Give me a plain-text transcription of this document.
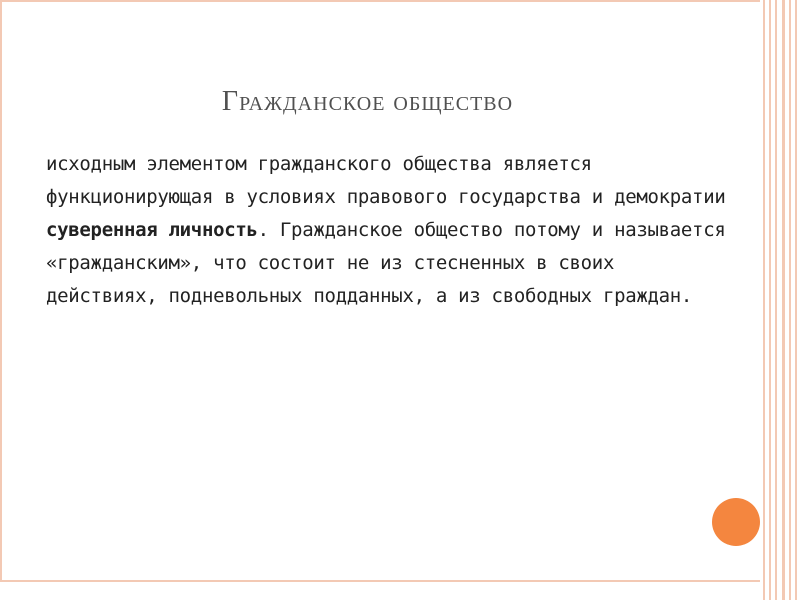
Гражданское общество

исходным элементом гражданского общества является функционирующая в условиях правового государства и демократии суверенная личность. Гражданское общество потому и называется «гражданским», что состоит не из стесненных в своих действиях, подневольных подданных, а из свободных граждан.
